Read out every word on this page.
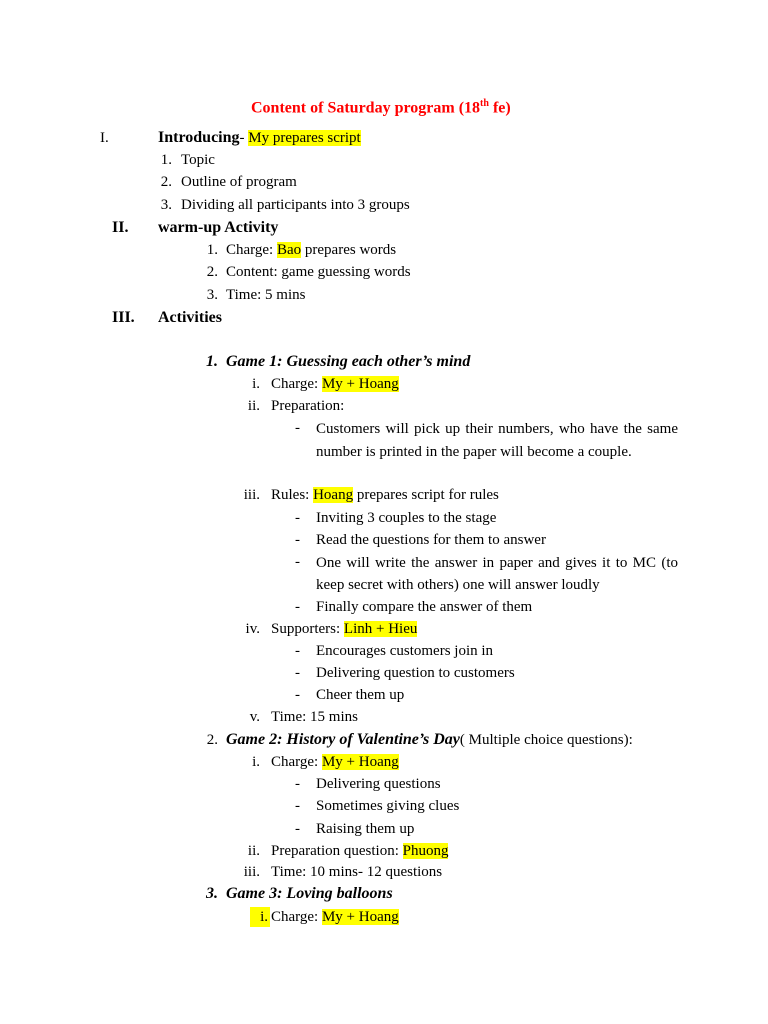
Content of Saturday program (18th fe)
I.	Introducing- My prepares script
1. Topic
2. Outline of program
3. Dividing all participants into 3 groups
II.	warm-up Activity
1. Charge: Bao prepares words
2. Content: game guessing words
3. Time: 5 mins
III.	Activities
1. Game 1: Guessing each other’s mind
i. Charge: My + Hoang
ii. Preparation:
- Customers will pick up their numbers, who have the same number is printed in the paper will become a couple.
iii. Rules: Hoang prepares script for rules
- Inviting 3 couples to the stage
- Read the questions for them to answer
- One will write the answer in paper and gives it to MC (to keep secret with others) one will answer loudly
- Finally compare the answer of them
iv. Supporters: Linh + Hieu
- Encourages customers join in
- Delivering question to customers
- Cheer them up
v. Time: 15 mins
2. Game 2: History of Valentine’s Day( Multiple choice questions):
i. Charge: My + Hoang
- Delivering questions
- Sometimes giving clues
- Raising them up
ii. Preparation question: Phuong
iii. Time: 10 mins- 12 questions
3. Game 3: Loving balloons
i. Charge: My + Hoang
